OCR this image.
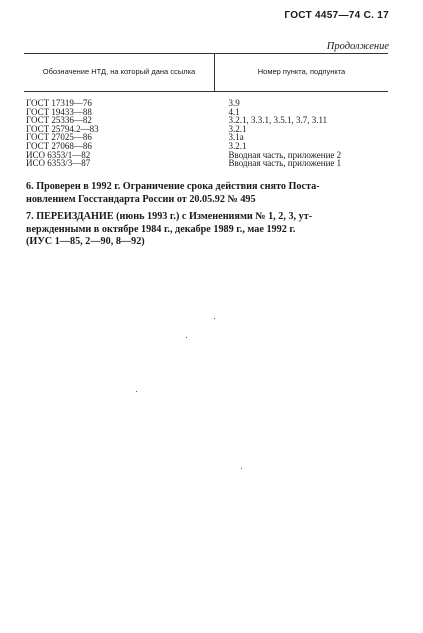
ГОСТ 4457—74 С. 17
Продолжение
Обозначение НТД, на который дана ссылка	Номер пункта, подпункта
ГОСТ 17319—76	3.9
ГОСТ 19433—88	4.1
ГОСТ 25336—82	3.2.1, 3.3.1, 3.5.1, 3.7, 3.11
ГОСТ 25794.2—83	3.2.1
ГОСТ 27025—86	3.1а
ГОСТ 27068—86	3.2.1
ИСО 6353/1—82	Вводная часть, приложение 2
ИСО 6353/3—87	Вводная часть, приложение 1

6. Проверен в 1992 г. Ограничение срока действия снято Поста-

новлением Госстандарта России от 20.05.92 № 495

7. ПЕРЕИЗДАНИЕ (июнь 1993 г.) с Изменениями № 1, 2, 3, ут-

вержденными в октябре 1984 г., декабре 1989 г., мае 1992 г.

(ИУС 1—85, 2—90, 8—92)
